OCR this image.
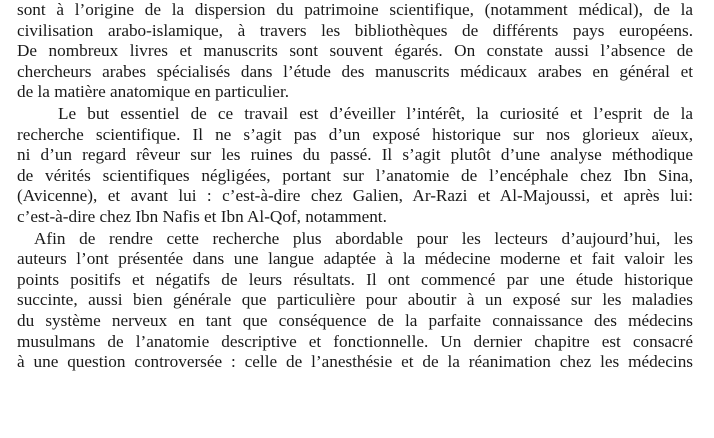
sont à l’origine de la dispersion du patrimoine scientifique, (notamment médical), de la
civilisation arabo-islamique, à travers les bibliothèques de différents pays européens.
De nombreux livres et manuscrits sont souvent égarés. On constate aussi l’absence de
chercheurs arabes spécialisés dans l’étude des manuscrits médicaux arabes en général et
de la matière anatomique en particulier.
Le but essentiel de ce travail est d’éveiller l’intérêt, la curiosité et l’esprit de la
recherche scientifique. Il ne s’agit pas d’un exposé historique sur nos glorieux aïeux,
ni d’un regard rêveur sur les ruines du passé. Il s’agit plutôt d’une analyse méthodique
de vérités scientifiques négligées, portant sur l’anatomie de l’encéphale chez Ibn Sina,
(Avicenne), et avant lui : c’est-à-dire chez Galien, Ar-Razi et Al-Majoussi, et après lui:
c’est-à-dire chez Ibn Nafis et Ibn Al-Qof, notamment.
Afin de rendre cette recherche plus abordable pour les lecteurs d’aujourd’hui, les
auteurs l’ont présentée dans une langue adaptée à la médecine moderne et fait valoir les
points positifs et négatifs de leurs résultats. Il ont commencé par une étude historique
succinte, aussi bien générale que particulière pour aboutir à un exposé sur les maladies
du système nerveux en tant que conséquence de la parfaite connaissance des médecins
musulmans de l’anatomie descriptive et fonctionnelle. Un dernier chapitre est consacré
à une question controversée : celle de l’anesthésie et de la réanimation chez les médecins
